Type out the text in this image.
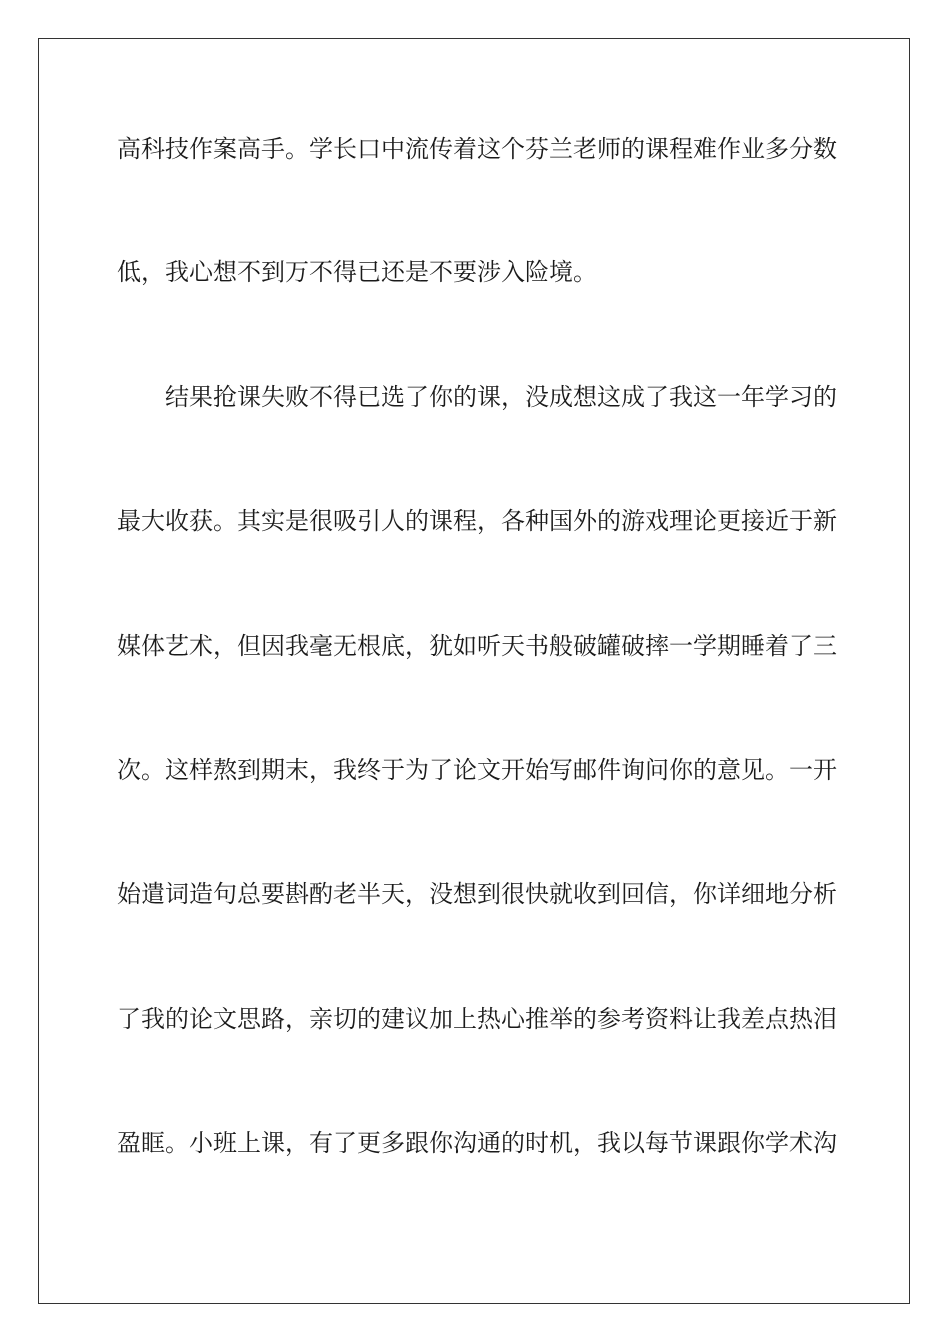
高科技作案高手。学长口中流传着这个芬兰老师的课程难作业多分数
低，我心想不到万不得已还是不要涉入险境。
结果抢课失败不得已选了你的课，没成想这成了我这一年学习的
最大收获。其实是很吸引人的课程，各种国外的游戏理论更接近于新
媒体艺术，但因我毫无根底，犹如听天书般破罐破摔一学期睡着了三
次。这样熬到期末，我终于为了论文开始写邮件询问你的意见。一开
始遣词造句总要斟酌老半天，没想到很快就收到回信，你详细地分析
了我的论文思路，亲切的建议加上热心推举的参考资料让我差点热泪
盈眶。小班上课，有了更多跟你沟通的时机，我以每节课跟你学术沟
